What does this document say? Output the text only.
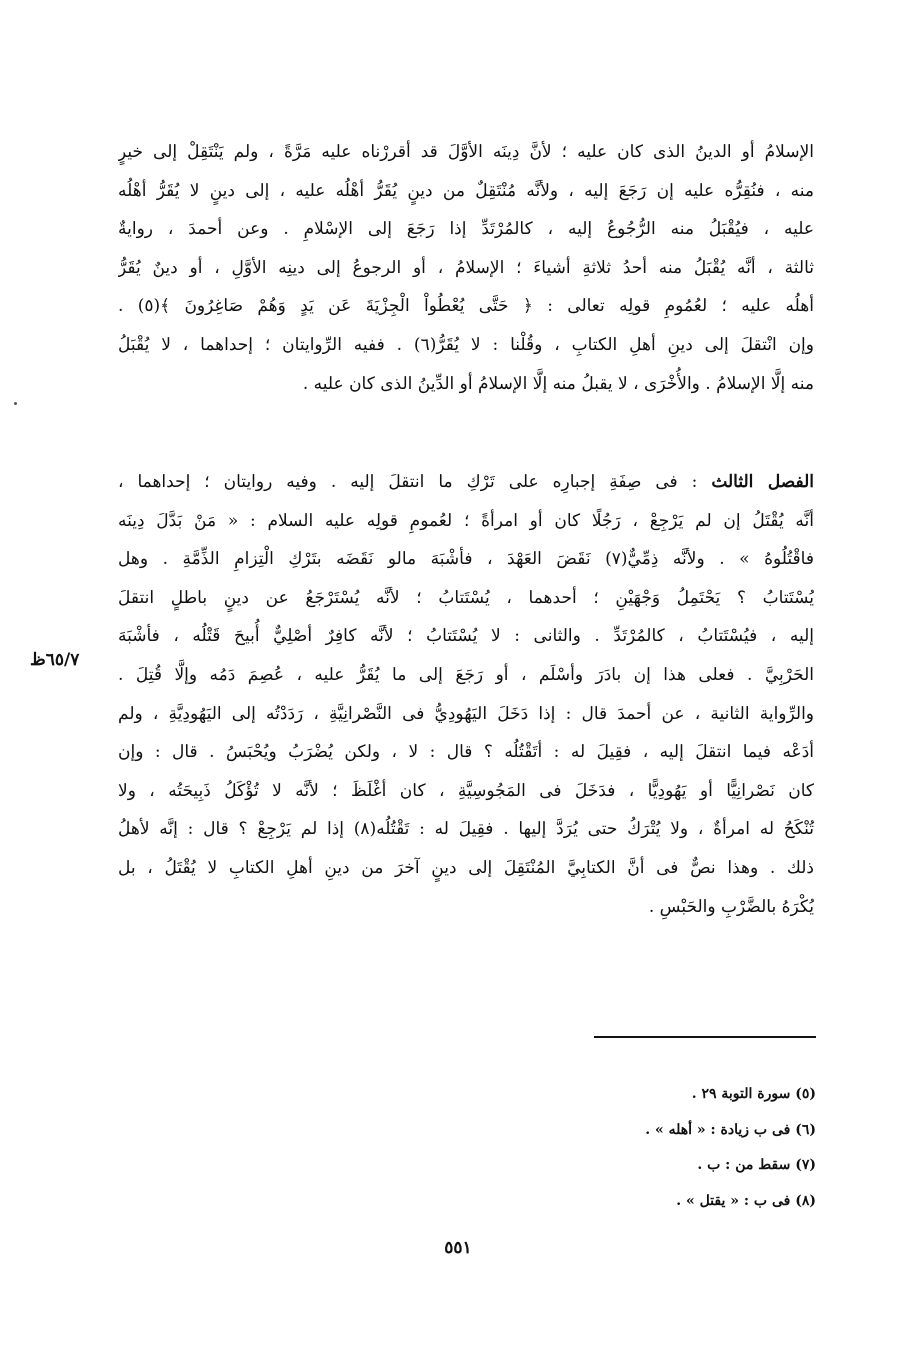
الإسلامُ أو الدينُ الذى كان عليه ؛ لأنَّ دِينَه الأوَّلَ قد أقررْناه عليه مَرَّةً ، ولم يَنْتَقِلْ إلى خيرٍ
منه ، فنُقِرُّه عليه إن رَجَعَ إليه ، ولأنَّه مُنْتَقِلٌ من دينٍ يُقَرُّ أهْلُه عليه ، إلى دينٍ لا يُقَرُّ أهْلُه
عليه ، فيُقْبَلُ منه الرُّجُوعُ إليه ، كالمُرْتَدِّ إذا رَجَعَ إلى الإسْلامِ . وعن أحمدَ ، روايةٌ
ثالثة ، أنَّه يُقْبَلُ منه أحدُ ثلاثةِ أشياءَ ؛ الإسلامُ ، أو الرجوعُ إلى دينِه الأوَّلِ ، أو دينٌ يُقَرُّ
أهلُه عليه ؛ لعُمُومِ قولِه تعالى : ﴿ حَتَّى يُعْطُواْ الْجِزْيَةَ عَن يَدٍ وَهُمْ صَاغِرُونَ ﴾(٥) .
وإن انْتقلَ إلى دينِ أهلِ الكتابِ ، وقُلْنا : لا يُقَرُّ(٦) . ففيه الرِّوايتان ؛ إحداهما ، لا يُقْبَلُ
منه إلَّا الإسلامُ . والأُخْرَى ، لا يقبلُ منه إلَّا الإسلامُ أو الدِّينُ الذى كان عليه .
الفصل الثالث : فى صِفَةِ إجبارِه على تَرْكِ ما انتقلَ إليه . وفيه روايتان ؛ إحداهما ،
أنَّه يُقْتَلُ إن لم يَرْجِعْ ، رَجُلًا كان أو امرأةً ؛ لعُمومِ قولِه عليه السلام : « مَنْ بَدَّلَ دِينَه
فاقْتُلُوهُ » . ولأنَّه ذِمِّيٌّ(٧) نَقَضَ العَهْدَ ، فأشْبَهَ مالو نَقَضَه بتَرْكِ الْتِزامِ الذِّمَّةِ . وهل
يُسْتَتابُ ؟ يَحْتَمِلُ وَجْهَيْنِ ؛ أحدهما ، يُسْتَتابُ ؛ لأنَّه يُسْتَرْجَعُ عن دينٍ باطلٍ انتقلَ
إليه ، فيُسْتَتابُ ، كالمُرْتَدِّ . والثانى : لا يُسْتَتابُ ؛ لأنَّه كافِرٌ أصْلِيٌّ أُبيحَ قَتْلُه ، فأشْبَهَ
الحَرْبِيَّ . فعلى هذا إن بادَرَ وأسْلَم ، أو رَجَعَ إلى ما يُقَرُّ عليه ، عُصِمَ دَمُه وإلَّا قُتِلَ .
والرِّواية الثانية ، عن أحمدَ قال : إذا دَخَلَ اليَهُودِيُّ فى النَّصْرانِيَّةِ ، رَدَدْتُه إلى اليَهُودِيَّةِ ، ولم
أدَعْه فيما انتقلَ إليه ، فقِيلَ له : أتَقْتُلُه ؟ قال : لا ، ولكن يُضْرَبُ ويُحْبَسُ . قال : وإن
كان نَصْرانِيًّا أو يَهُودِيًّا ، فدَخَلَ فى المَجُوسِيَّةِ ، كان أغْلَظَ ؛ لأنَّه لا تُؤْكَلُ ذَبِيحَتُه ، ولا
تُنْكَحُ له امرأةٌ ، ولا يُتْرَكُ حتى يُرَدَّ إليها . فقِيلَ له : تَقْتُلُه(٨) إذا لم يَرْجِعْ ؟ قال : إنَّه لأهلُ
ذلك . وهذا نصٌّ فى أنَّ الكتابِيَّ المُنْتَقِلَ إلى دينٍ آخرَ من دينِ أهلِ الكتابِ لا يُقْتَلُ ، بل
يُكْرَهُ بالضَّرْبِ والحَبْسِ .
٦٥/٧ظ
(٥) سورة التوبة ٢٩ .
(٦) فى ب زيادة : « أهله » .
(٧) سقط من : ب .
(٨) فى ب : « يقتل » .
٥٥١
